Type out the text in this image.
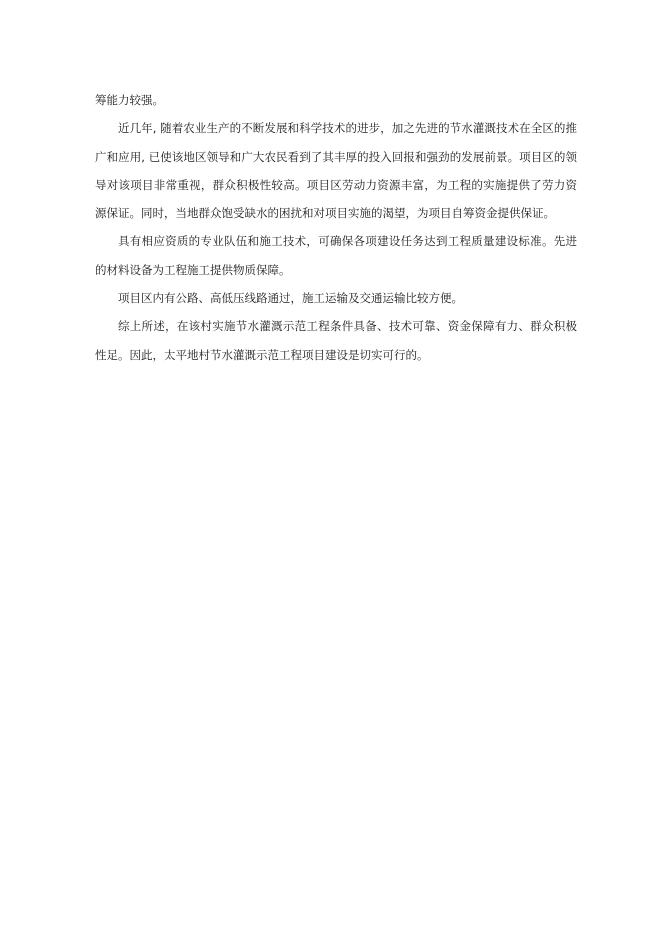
筹能力较强。

近几年, 随着农业生产的不断发展和科学技术的进步，加之先进的节水灌溉技术在全区的推广和应用, 已使该地区领导和广大农民看到了其丰厚的投入回报和强劲的发展前景。项目区的领导对该项目非常重视，群众积极性较高。项目区劳动力资源丰富，为工程的实施提供了劳力资源保证。同时，当地群众饱受缺水的困扰和对项目实施的渴望，为项目自筹资金提供保证。

具有相应资质的专业队伍和施工技术，可确保各项建设任务达到工程质量建设标准。先进的材料设备为工程施工提供物质保障。

项目区内有公路、高低压线路通过，施工运输及交通运输比较方便。

综上所述，在该村实施节水灌溉示范工程条件具备、技术可靠、资金保障有力、群众积极性足。因此，太平地村节水灌溉示范工程项目建设是切实可行的。
